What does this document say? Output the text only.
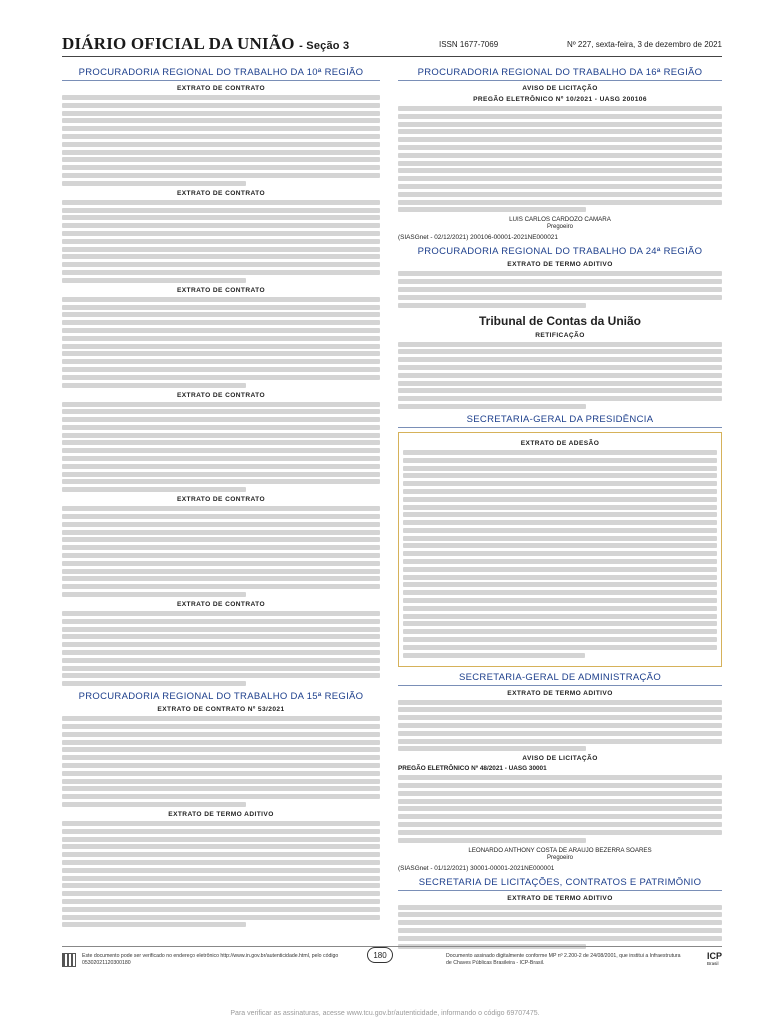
DIÁRIO OFICIAL DA UNIÃO - Seção 3	ISSN 1677-7069	Nº 227, sexta-feira, 3 de dezembro de 2021
PROCURADORIA REGIONAL DO TRABALHO DA 10ª REGIÃO
EXTRATO DE CONTRATO
EXTRATO DE CONTRATO
EXTRATO DE CONTRATO
EXTRATO DE CONTRATO
EXTRATO DE CONTRATO
EXTRATO DE CONTRATO
PROCURADORIA REGIONAL DO TRABALHO DA 15ª REGIÃO
EXTRATO DE CONTRATO Nº 53/2021
EXTRATO DE TERMO ADITIVO
PROCURADORIA REGIONAL DO TRABALHO DA 16ª REGIÃO
AVISO DE LICITAÇÃO
PREGÃO ELETRÔNICO Nº 10/2021 - UASG 200106
LUIS CARLOS CARDOZO CAMARA
Pregoeiro
(SIASGnet - 02/12/2021) 200106-00001-2021NE000021
PROCURADORIA REGIONAL DO TRABALHO DA 24ª REGIÃO
EXTRATO DE TERMO ADITIVO
Tribunal de Contas da União
RETIFICAÇÃO
SECRETARIA-GERAL DA PRESIDÊNCIA
EXTRATO DE ADESÃO
SECRETARIA-GERAL DE ADMINISTRAÇÃO
EXTRATO DE TERMO ADITIVO
AVISO DE LICITAÇÃO
PREGÃO ELETRÔNICO Nº 48/2021 - UASG 30001
LEONARDO ANTHONY COSTA DE ARAUJO BEZERRA SOARES
Pregoeiro
(SIASGnet - 01/12/2021) 30001-00001-2021NE000001
SECRETARIA DE LICITAÇÕES, CONTRATOS E PATRIMÔNIO
EXTRATO DE TERMO ADITIVO
Este documento pode ser verificado no endereço eletrônico http://www.in.gov.br/autenticidade.html, pelo código 05302021120300180
180	Documento assinado digitalmente conforme MP nº 2.200-2 de 24/08/2001, que institui a Infraestrutura de Chaves Públicas Brasileira - ICP-Brasil.
ICP
Brasil
Para verificar as assinaturas, acesse www.tcu.gov.br/autenticidade, informando o código 69707475.
